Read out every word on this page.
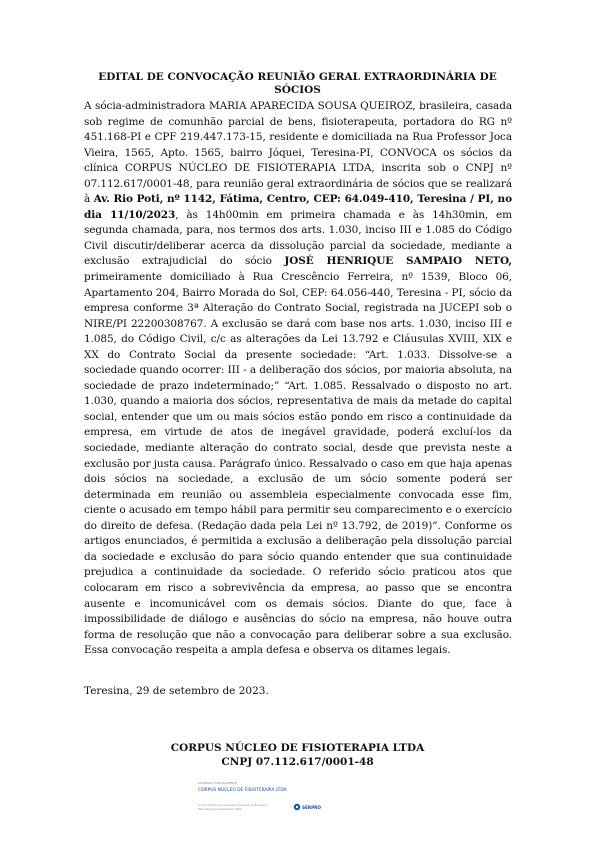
EDITAL DE CONVOCAÇÃO REUNIÃO GERAL EXTRAORDINÁRIA DE SÓCIOS
A sócia-administradora MARIA APARECIDA SOUSA QUEIROZ, brasileira, casada sob regime de comunhão parcial de bens, fisioterapeuta, portadora do RG nº 451.168-PI e CPF 219.447.173-15, residente e domiciliada na Rua Professor Joca Vieira, 1565, Apto. 1565, bairro Jóquei, Teresina-PI, CONVOCA os sócios da clínica CORPUS NÚCLEO DE FISIOTERAPIA LTDA, inscrita sob o CNPJ nº 07.112.617/0001-48, para reunião geral extraordinária de sócios que se realizará à Av. Rio Poti, nº 1142, Fátima, Centro, CEP: 64.049-410, Teresina / PI, no dia 11/10/2023, às 14h00min em primeira chamada e às 14h30min, em segunda chamada, para, nos termos dos arts. 1.030, inciso III e 1.085 do Código Civil discutir/deliberar acerca da dissolução parcial da sociedade, mediante a exclusão extrajudicial do sócio JOSÉ HENRIQUE SAMPAIO NETO, primeiramente domiciliado à Rua Crescêncio Ferreira, nº 1539, Bloco 06, Apartamento 204, Bairro Morada do Sol, CEP: 64.056-440, Teresina - PI, sócio da empresa conforme 3ª Alteração do Contrato Social, registrada na JUCEPI sob o NIRE/PI 22200308767. A exclusão se dará com base nos arts. 1.030, inciso III e 1.085, do Código Civil, c/c as alterações da Lei 13.792 e Cláusulas XVIII, XIX e XX do Contrato Social da presente sociedade: “Art. 1.033. Dissolve-se a sociedade quando ocorrer: III - a deliberação dos sócios, por maioria absoluta, na sociedade de prazo indeterminado;” “Art. 1.085. Ressalvado o disposto no art. 1.030, quando a maioria dos sócios, representativa de mais da metade do capital social, entender que um ou mais sócios estão pondo em risco a continuidade da empresa, em virtude de atos de inegável gravidade, poderá excluí-los da sociedade, mediante alteração do contrato social, desde que prevista neste a exclusão por justa causa. Parágrafo único. Ressalvado o caso em que haja apenas dois sócios na sociedade, a exclusão de um sócio somente poderá ser determinada em reunião ou assembleia especialmente convocada esse fim, ciente o acusado em tempo hábil para permitir seu comparecimento e o exercício do direito de defesa. (Redação dada pela Lei nº 13.792, de 2019)”. Conforme os artigos enunciados, é permitida a exclusão a deliberação pela dissolução parcial da sociedade e exclusão do para sócio quando entender que sua continuidade prejudica a continuidade da sociedade. O referido sócio praticou atos que colocaram em risco a sobrevivência da empresa, ao passo que se encontra ausente e incomunicável com os demais sócios. Diante do que, face à impossibilidade de diálogo e ausências do sócio na empresa, não houve outra forma de resolução que não a convocação para deliberar sobre a sua exclusão. Essa convocação respeita a ampla defesa e observa os ditames legais.
Teresina, 29 de setembro de 2023.
CORPUS NÚCLEO DE FISIOTERAPIA LTDA
CNPJ 07.112.617/0001-48
ASSINADO DIGITALMENTE
CORPUS NUCLEO DE FISIOTERAPIA LTDA
A conformidade com a assinatura pode ser verificada em:
http://serpro.gov.br/assinador-digital	SERPRO
